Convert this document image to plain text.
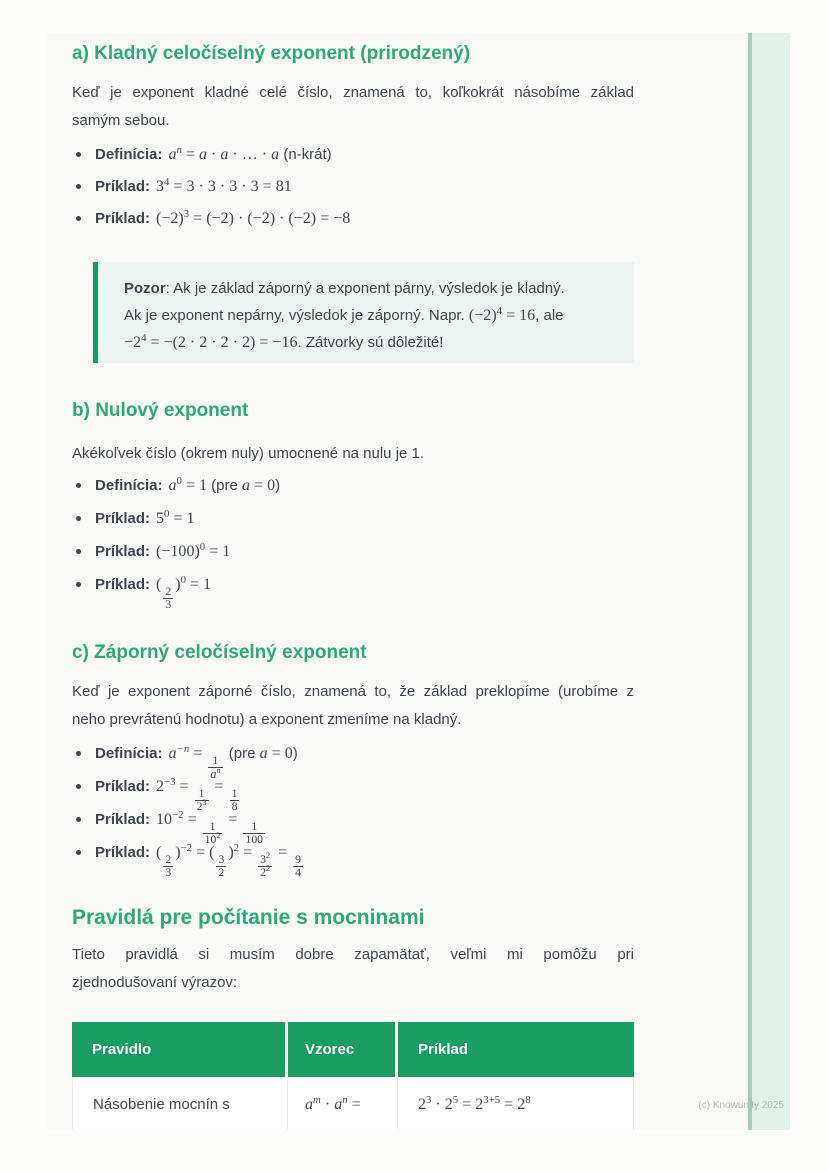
a) Kladný celočíselný exponent (prirodzený)
Keď je exponent kladné celé číslo, znamená to, koľkokrát násobíme základ
samým sebou.
Definícia: $a^n = a \cdot a$ · … · a (n-krát)
Príklad: $3^4 = 3 \cdot 3 \cdot 3 \cdot 3 = 81$
Príklad: $(-2)^3 = (-2) \cdot (-2) \cdot (-2) = -8$
Pozor: Ak je základ záporný a exponent párny, výsledok je kladný.
Ak je exponent nepárny, výsledok je záporný. Napr. $(-2)^4 = 16$, ale
$-2^4 = -(2 \cdot 2 \cdot 2 \cdot 2) = -16$. Zátvorky sú dôležité!
b) Nulový exponent
Akékoľvek číslo (okrem nuly) umocnené na nulu je 1.
Definícia: $a^0 = 1$ (pre a = 0)
Príklad: $5^0 = 1$
Príklad: $(-100)^0 = 1$
Príklad: (
$\frac{2}{3}$
)$^0$ = 1
c) Záporný celočíselný exponent
Keď je exponent záporné číslo, znamená to, že základ preklopíme (urobíme z
neho prevrátenú hodnotu) a exponent zmeníme na kladný.
Definícia: $a^{-n}$ =
$\frac{1}{a^n}$
(pre a = 0)
Príklad: $2^{-3}$ =
$\frac{1}{2^3}$
=
$\frac{1}{8}$
Príklad: $10^{-2}$ =
$\frac{1}{10^2}$
=
$\frac{1}{100}$
Príklad: (
$\frac{2}{3}$
)$^{-2}$ = (
$\frac{3}{2}$
)$^2$ =
$\frac{3^2}{2^2}$
=
$\frac{9}{4}$
Pravidlá pre počítanie s mocninami
Tieto pravidlá si musím dobre zapamätať, veľmi mi pomôžu pri
zjednodušovaní výrazov:
Pravidlo	Vzorec	Príklad
Násobenie mocnín s	$a^m \cdot a^n$ =	$2^3 \cdot 2^5 = 2^{3+5} = 2^8$	(c) Knowunity 2025
